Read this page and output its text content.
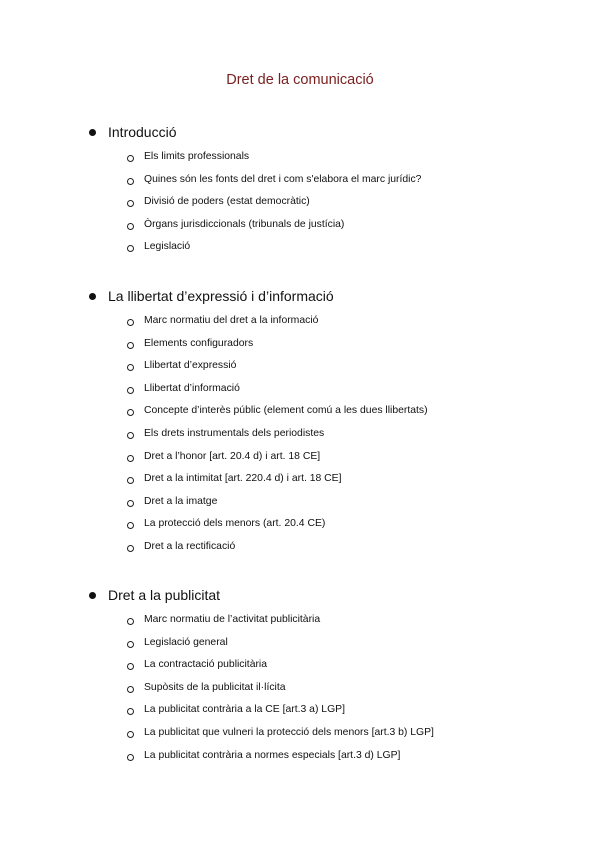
Dret de la comunicació
Introducció
Els limits professionals
Quines són les fonts del dret i com s'elabora el marc jurídic?
Divisió de poders (estat democràtic)
Òrgans jurisdiccionals (tribunals de justícia)
Legislació
La llibertat d’expressió i d’informació
Marc normatiu del dret a la informació
Elements configuradors
Llibertat d’expressió
Llibertat d’informació
Concepte d’interès públic (element comú a les dues llibertats)
Els drets instrumentals dels periodistes
Dret a l’honor [art. 20.4 d) i art. 18 CE]
Dret a la intimitat [art. 220.4 d) i art. 18 CE]
Dret a la imatge
La protecció dels menors (art. 20.4 CE)
Dret a la rectificació
Dret a la publicitat
Marc normatiu de l’activitat publicitària
Legislació general
La contractació publicitària
Supòsits de la publicitat il·lícita
La publicitat contrària a la CE [art.3 a) LGP]
La publicitat que vulneri la protecció dels menors [art.3 b) LGP]
La publicitat contrària a normes especials [art.3 d) LGP]
